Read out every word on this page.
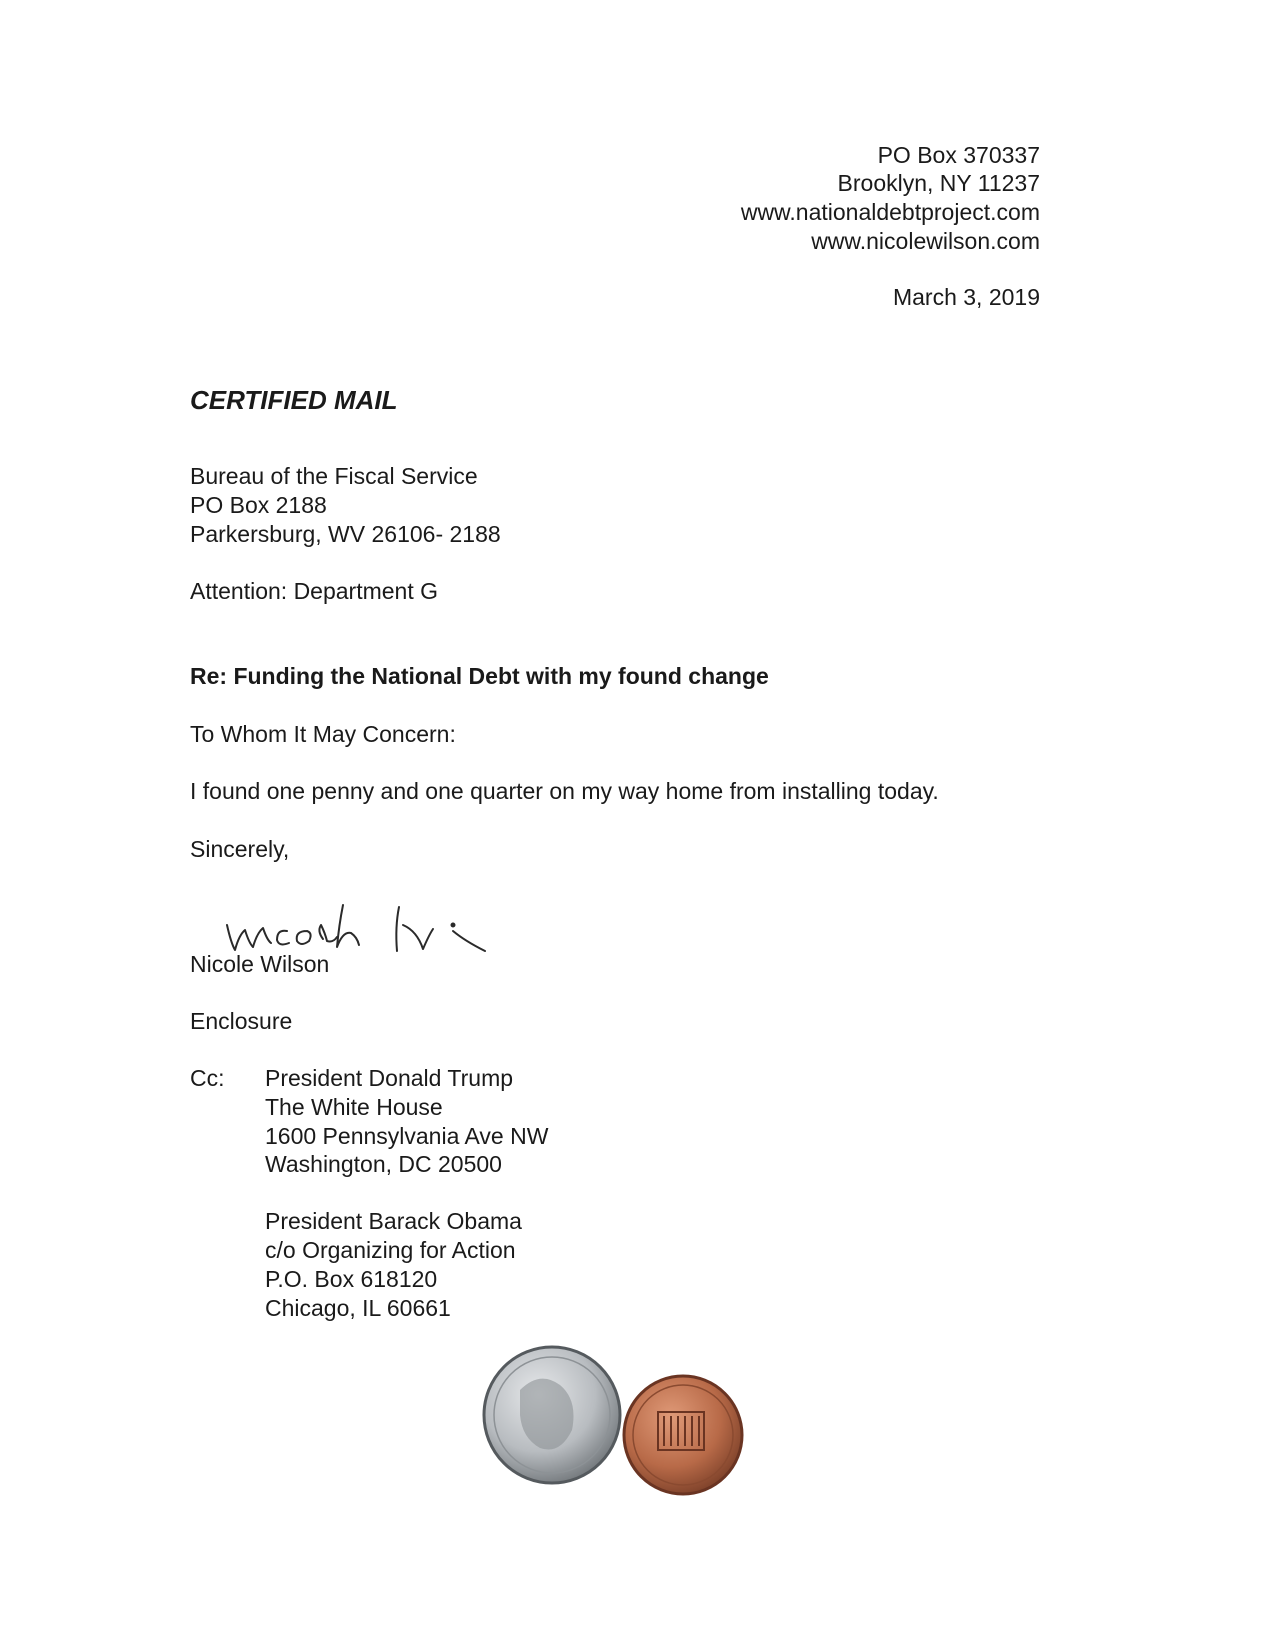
PO Box 370337
Brooklyn, NY 11237
www.nationaldebtproject.com
www.nicolewilson.com
March 3, 2019
CERTIFIED MAIL
Bureau of the Fiscal Service
PO Box 2188
Parkersburg, WV 26106- 2188
Attention: Department G
Re: Funding the National Debt with my found change
To Whom It May Concern:
I found one penny and one quarter on my way home from installing today.
Sincerely,
Nicole Wilson
Enclosure
Cc: President Donald Trump
The White House
1600 Pennsylvania Ave NW
Washington, DC 20500
President Barack Obama
c/o Organizing for Action
P.O. Box 618120
Chicago, IL 60661
